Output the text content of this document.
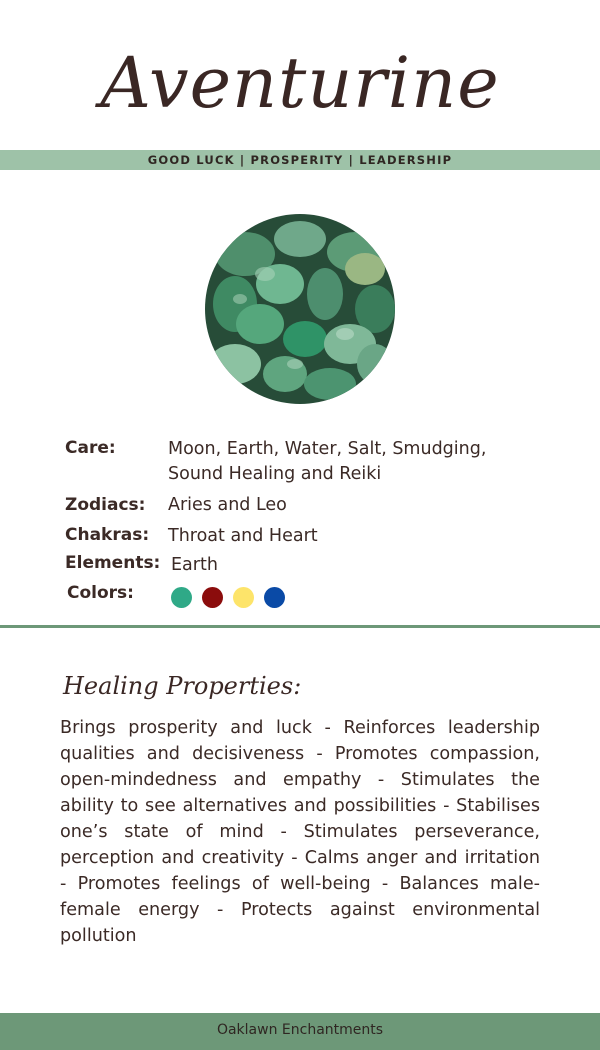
Aventurine
GOOD LUCK | PROSPERITY | LEADERSHIP
Care:	Moon, Earth, Water, Salt, Smudging,
Sound Healing and Reiki
Zodiacs: Aries and Leo
Chakras: Throat and Heart
Elements: Earth
Colors:
Healing Properties:
Brings prosperity and luck - Reinforces leadership qualities and decisiveness - Promotes compassion, open-mindedness and empathy - Stimulates the ability to see alternatives and possibilities - Stabilises one’s state of mind - Stimulates perseverance, perception and creativity - Calms anger and irritation - Promotes feelings of well-being - Balances male-female energy - Protects against environmental pollution
Oaklawn Enchantments
